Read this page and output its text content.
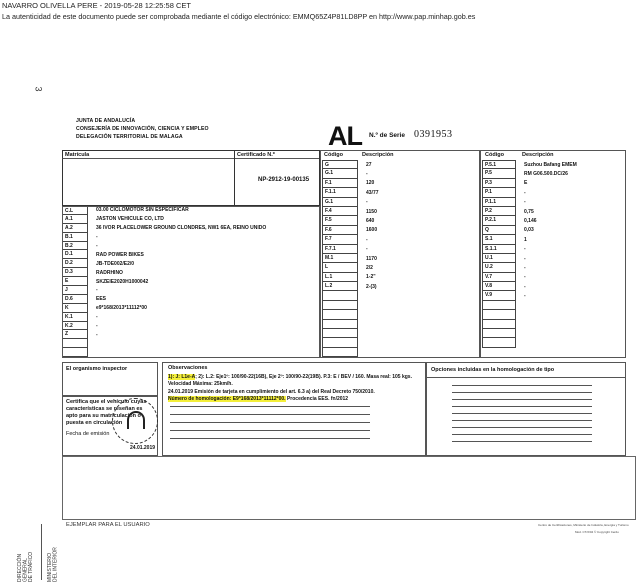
NAVARRO OLIVELLA PERE - 2019-05-28 12:25:58 CET
La autenticidad de este documento puede ser comprobada mediante el código electrónico: EMMQ65Z4P81LD8PP en http://www.pap.minhap.gob.es
3
JUNTA DE ANDALUCÍA
CONSEJERÍA DE INNOVACIÓN, CIENCIA Y EMPLEO
DELEGACIÓN TERRITORIAL DE MALAGA	AL N.º de Serie 0391953
Matrícula	Certificado N.º
NP-2912-19-00135
C.L	03.00 CICLOMOTOR SIN ESPECIFICAR
A.1	JASTON VEHICULE CO, LTD
A.2	36 IVOR PLACELOWER GROUND CLONDRES, NW1 6EA, REINO UNIDO
B.1	-
B.2	-
D.1	RAD POWER BIKES
D.2	JB-TDE002/E2/0
D.3	RADRHINO
E	SKZEIE2020H1000042
J	-
D.6	EES
K	e9*168/2013*11112*00
K.1	-
K.2	-
Z	-
Código	Descripción
G	27
G.1	-
F.1	120
F.1.1	43/77
G.1	-
F.4	1150
F.5	640
F.6	1600
F.7	-
F.7.1	-
M.1	1170
L	2/2
L.1	1-2"
L.2	2-(3)
Código	Descripción
P.5.1	Suzhou Bafang EMEM
P.5	RM G06.500.DC/26
P.3	E
P.1	-
P.1.1	-
P.2	0,75
P.2.1	0,146
Q	0,03
S.1	1
S.1.1	-
U.1	-
U.2	-
V.7	-
V.8	-
V.9	-
El organismo inspector
Certifica que el vehículo cuyas características se reseñan es apto para su matriculación o puesta en circulación
Fecha de emisión
24.01.2019
Observaciones
1): J: L1e-A; 2): L.2: Eje1º: 100/90-22(16B), Eje 2º: 100/90-22(19B). P.3: E / BEV / 160. Masa real: 105 kgs.
Velocidad Máxima: 25km/h.
24.01.2019 Emisión de tarjeta en cumplimiento del art. 6.3 a) del Real Decreto 750/2010.
Número de homologación: E9*168/2013*11112*00. Procedencia EES. fn/2012
Opciones incluidas en la homologación de tipo
EJEMPLAR PARA EL USUARIO	Centro de Certificaciones, Ministerio de Industria, Energía y Turismo
Mod. CT/2/04 © Copyright Cerdo
DIRECCIÓN GENERAL DE TRÁFICO	MINISTERIO DEL INTERIOR
